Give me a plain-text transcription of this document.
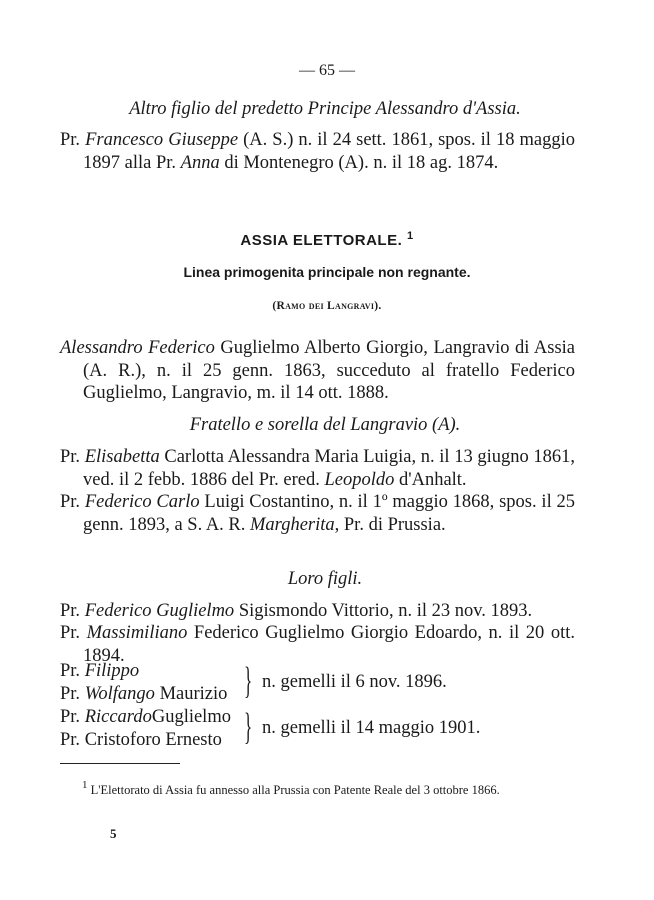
— 65 —
Altro figlio del predetto Principe Alessandro d'Assia.
Pr. Francesco Giuseppe (A. S.) n. il 24 sett. 1861, spos. il 18 maggio 1897 alla Pr. Anna di Montenegro (A). n. il 18 ag. 1874.
ASSIA ELETTORALE. $^1$
Linea primogenita principale non regnante.
(Ramo dei Langravi).
Alessandro Federico Guglielmo Alberto Giorgio, Langravio di Assia (A. R.), n. il 25 genn. 1863, succeduto al fratello Federico Guglielmo, Langravio, m. il 14 ott. 1888.
Fratello e sorella del Langravio (A).
Pr. Elisabetta Carlotta Alessandra Maria Luigia, n. il 13 giugno 1861, ved. il 2 febb. 1886 del Pr. ered. Leopoldo d'Anhalt.
Pr. Federico Carlo Luigi Costantino, n. il 1º maggio 1868, spos. il 25 genn. 1893, a S. A. R. Margherita, Pr. di Prussia.
Loro figli.
Pr. Federico Guglielmo Sigismondo Vittorio, n. il 23 nov. 1893.
Pr. Massimiliano Federico Guglielmo Giorgio Edoardo, n. il 20 ott. 1894.
Pr. Filippo
Pr. Wolfango Maurizio } n. gemelli il 6 nov. 1896.
Pr. RiccardoGuglielmo
Pr. Cristoforo Ernesto } n. gemelli il 14 maggio 1901.
1 L'Elettorato di Assia fu annesso alla Prussia con Patente Reale del 3 ottobre 1866.
5
